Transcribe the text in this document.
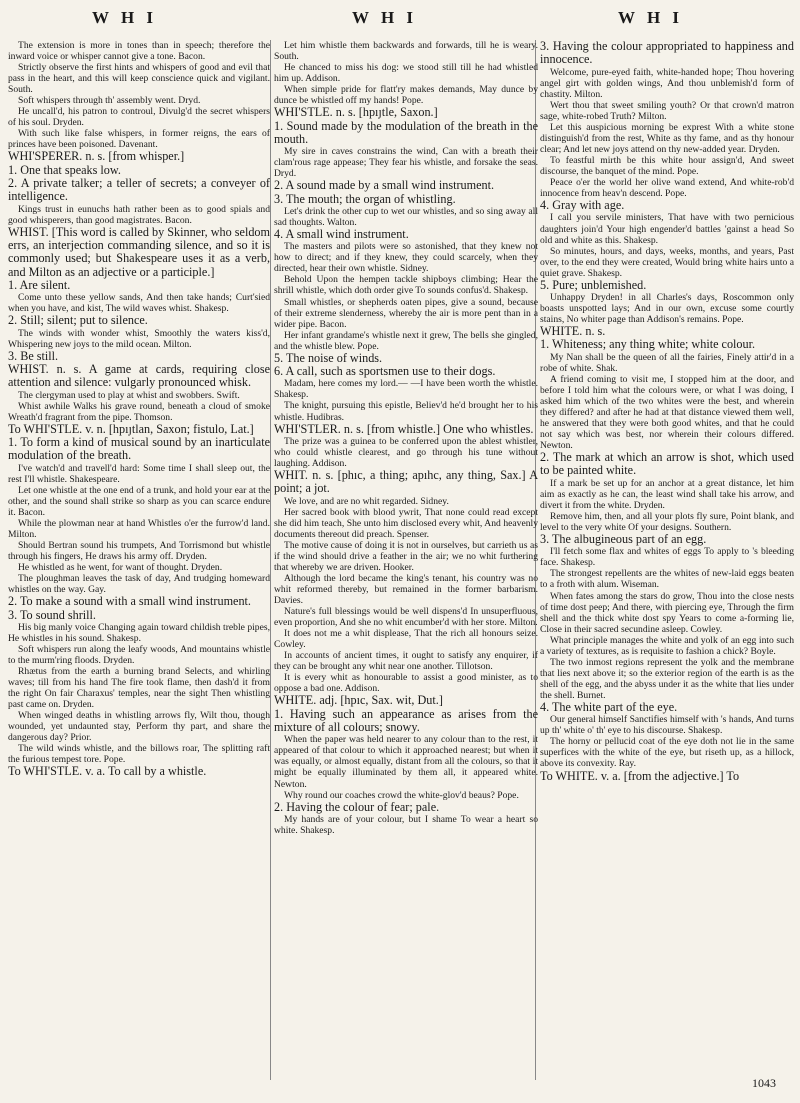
W H I	W H I	W H I

The extension is more in tones than in speech; therefore the inward voice or whisper cannot give a tone. Bacon.

Strictly observe the first hints and whispers of good and evil that pass in the heart, and this will keep conscience quick and vigilant. South.

Soft whispers through th' assembly went. Dryd.

He uncall'd, his patron to controul, Divulg'd the secret whispers of his soul. Dryden.

With such like false whispers, in former reigns, the ears of princes have been poisoned. Davenant.

WHI'SPERER. n. s. [from whisper.]

1. One that speaks low.

2. A private talker; a teller of secrets; a conveyer of intelligence.

Kings trust in eunuchs hath rather been as to good spials and good whisperers, than good magistrates. Bacon.

WHIST. [This word is called by Skinner, who seldom errs, an interjection commanding silence, and so it is commonly used; but Shakespeare uses it as a verb, and Milton as an adjective or a participle.]

1. Are silent.

Come unto these yellow sands, And then take hands; Curt'sied when you have, and kist, The wild waves whist. Shakesp.

2. Still; silent; put to silence.

The winds with wonder whist, Smoothly the waters kiss'd, Whispering new joys to the mild ocean. Milton.

3. Be still.

WHIST. n. s. A game at cards, requiring close attention and silence: vulgarly pronounced whisk.

The clergyman used to play at whist and swobbers. Swift.

Whist awhile Walks his grave round, beneath a cloud of smoke Wreath'd fragrant from the pipe. Thomson.

To WHI'STLE. v. n. [hpıȷtlan, Saxon; fistulo, Lat.]

1. To form a kind of musical sound by an inarticulate modulation of the breath.

I've watch'd and travell'd hard: Some time I shall sleep out, the rest I'll whistle. Shakespeare.

Let one whistle at the one end of a trunk, and hold your ear at the other, and the sound shall strike so sharp as you can scarce endure it. Bacon.

While the plowman near at hand Whistles o'er the furrow'd land. Milton.

Should Bertran sound his trumpets, And Torrismond but whistle through his fingers, He draws his army off. Dryden.

He whistled as he went, for want of thought. Dryden.

The ploughman leaves the task of day, And trudging homeward whistles on the way. Gay.

2. To make a sound with a small wind instrument.

3. To sound shrill.

His big manly voice Changing again toward childish treble pipes, He whistles in his sound. Shakesp.

Soft whispers run along the leafy woods, And mountains whistle to the murm'ring floods. Dryden.

Rhætus from the earth a burning brand Selects, and whirling waves; till from his hand The fire took flame, then dash'd it from the right On fair Charaxus' temples, near the sight Then whistling past came on. Dryden.

When winged deaths in whistling arrows fly, Wilt thou, though wounded, yet undaunted stay, Perform thy part, and share the dangerous day? Prior.

The wild winds whistle, and the billows roar, The splitting raft the furious tempest tore. Pope.

To WHI'STLE. v. a. To call by a whistle.

Let him whistle them backwards and forwards, till he is weary. South.

He chanced to miss his dog: we stood still till he had whistled him up. Addison.

When simple pride for flatt'ry makes demands, May dunce by dunce be whistled off my hands! Pope.

WHI'STLE. n. s. [hpıȷtle, Saxon.]

1. Sound made by the modulation of the breath in the mouth.

My sire in caves constrains the wind, Can with a breath their clam'rous rage appease; They fear his whistle, and forsake the seas. Dryd.

2. A sound made by a small wind instrument.

3. The mouth; the organ of whistling.

Let's drink the other cup to wet our whistles, and so sing away all sad thoughts. Walton.

4. A small wind instrument.

The masters and pilots were so astonished, that they knew not how to direct; and if they knew, they could scarcely, when they directed, hear their own whistle. Sidney.

Behold Upon the hempen tackle shipboys climbing; Hear the shrill whistle, which doth order give To sounds confus'd. Shakesp.

Small whistles, or shepherds oaten pipes, give a sound, because of their extreme slenderness, whereby the air is more pent than in a wider pipe. Bacon.

Her infant grandame's whistle next it grew, The bells she gingled, and the whistle blew. Pope.

5. The noise of winds.

6. A call, such as sportsmen use to their dogs.

Madam, here comes my lord.— —I have been worth the whistle. Shakesp.

The knight, pursuing this epistle, Believ'd he'd brought her to his whistle. Hudibras.

WHI'STLER. n. s. [from whistle.] One who whistles.

The prize was a guinea to be conferred upon the ablest whistler, who could whistle clearest, and go through his tune without laughing. Addison.

WHIT. n. s. [phıc, a thing; apıhc, any thing, Sax.] A point; a jot.

We love, and are no whit regarded. Sidney.

Her sacred book with blood ywrit, That none could read except she did him teach, She unto him disclosed every whit, And heavenly documents thereout did preach. Spenser.

The motive cause of doing it is not in ourselves, but carrieth us as if the wind should drive a feather in the air; we no whit furthering that whereby we are driven. Hooker.

Although the lord became the king's tenant, his country was no whit reformed thereby, but remained in the former barbarism. Davies.

Nature's full blessings would be well dispens'd In unsuperfluous, even proportion, And she no whit encumber'd with her store. Milton.

It does not me a whit displease, That the rich all honours seize. Cowley.

In accounts of ancient times, it ought to satisfy any enquirer, if they can be brought any whit near one another. Tillotson.

It is every whit as honourable to assist a good minister, as to oppose a bad one. Addison.

WHITE. adj. [hpıc, Sax. wit, Dut.]

1. Having such an appearance as arises from the mixture of all colours; snowy.

When the paper was held nearer to any colour than to the rest, it appeared of that colour to which it approached nearest; but when it was equally, or almost equally, distant from all the colours, so that it might be equally illuminated by them all, it appeared white. Newton.

Why round our coaches crowd the white-glov'd beaus? Pope.

2. Having the colour of fear; pale.

My hands are of your colour, but I shame To wear a heart so white. Shakesp.

3. Having the colour appropriated to happiness and innocence.

Welcome, pure-eyed faith, white-handed hope; Thou hovering angel girt with golden wings, And thou unblemish'd form of chastity. Milton.

Wert thou that sweet smiling youth? Or that crown'd matron sage, white-robed Truth? Milton.

Let this auspicious morning be exprest With a white stone distinguish'd from the rest, White as thy fame, and as thy honour clear; And let new joys attend on thy new-added year. Dryden.

To feastful mirth be this white hour assign'd, And sweet discourse, the banquet of the mind. Pope.

Peace o'er the world her olive wand extend, And white-rob'd innocence from heav'n descend. Pope.

4. Gray with age.

I call you servile ministers, That have with two pernicious daughters join'd Your high engender'd battles 'gainst a head So old and white as this. Shakesp.

So minutes, hours, and days, weeks, months, and years, Past over, to the end they were created, Would bring white hairs unto a quiet grave. Shakesp.

5. Pure; unblemished.

Unhappy Dryden! in all Charles's days, Roscommon only boasts unspotted lays; And in our own, excuse some courtly stains, No whiter page than Addison's remains. Pope.

WHITE. n. s.

1. Whiteness; any thing white; white colour.

My Nan shall be the queen of all the fairies, Finely attir'd in a robe of white. Shak.

A friend coming to visit me, I stopped him at the door, and before I told him what the colours were, or what I was doing, I asked him which of the two whites were the best, and wherein they differed? and after he had at that distance viewed them well, he answered that they were both good whites, and that he could not say which was best, nor wherein their colours differed. Newton.

2. The mark at which an arrow is shot, which used to be painted white.

If a mark be set up for an anchor at a great distance, let him aim as exactly as he can, the least wind shall take his arrow, and divert it from the white. Dryden.

Remove him, then, and all your plots fly sure, Point blank, and level to the very white Of your designs. Southern.

3. The albugineous part of an egg.

I'll fetch some flax and whites of eggs To apply to 's bleeding face. Shakesp.

The strongest repellents are the whites of new-laid eggs beaten to a froth with alum. Wiseman.

When fates among the stars do grow, Thou into the close nests of time dost peep; And there, with piercing eye, Through the firm shell and the thick white dost spy Years to come a-forming lie, Close in their sacred secundine asleep. Cowley.

What principle manages the white and yolk of an egg into such a variety of textures, as is requisite to fashion a chick? Boyle.

The two inmost regions represent the yolk and the membrane that lies next above it; so the exterior region of the earth is as the shell of the egg, and the abyss under it as the white that lies under the shell. Burnet.

4. The white part of the eye.

Our general himself Sanctifies himself with 's hands, And turns up th' white o' th' eye to his discourse. Shakesp.

The horny or pellucid coat of the eye doth not lie in the same superfices with the white of the eye, but riseth up, as a hillock, above its convexity. Ray.

To WHITE. v. a. [from the adjective.] To

1043
